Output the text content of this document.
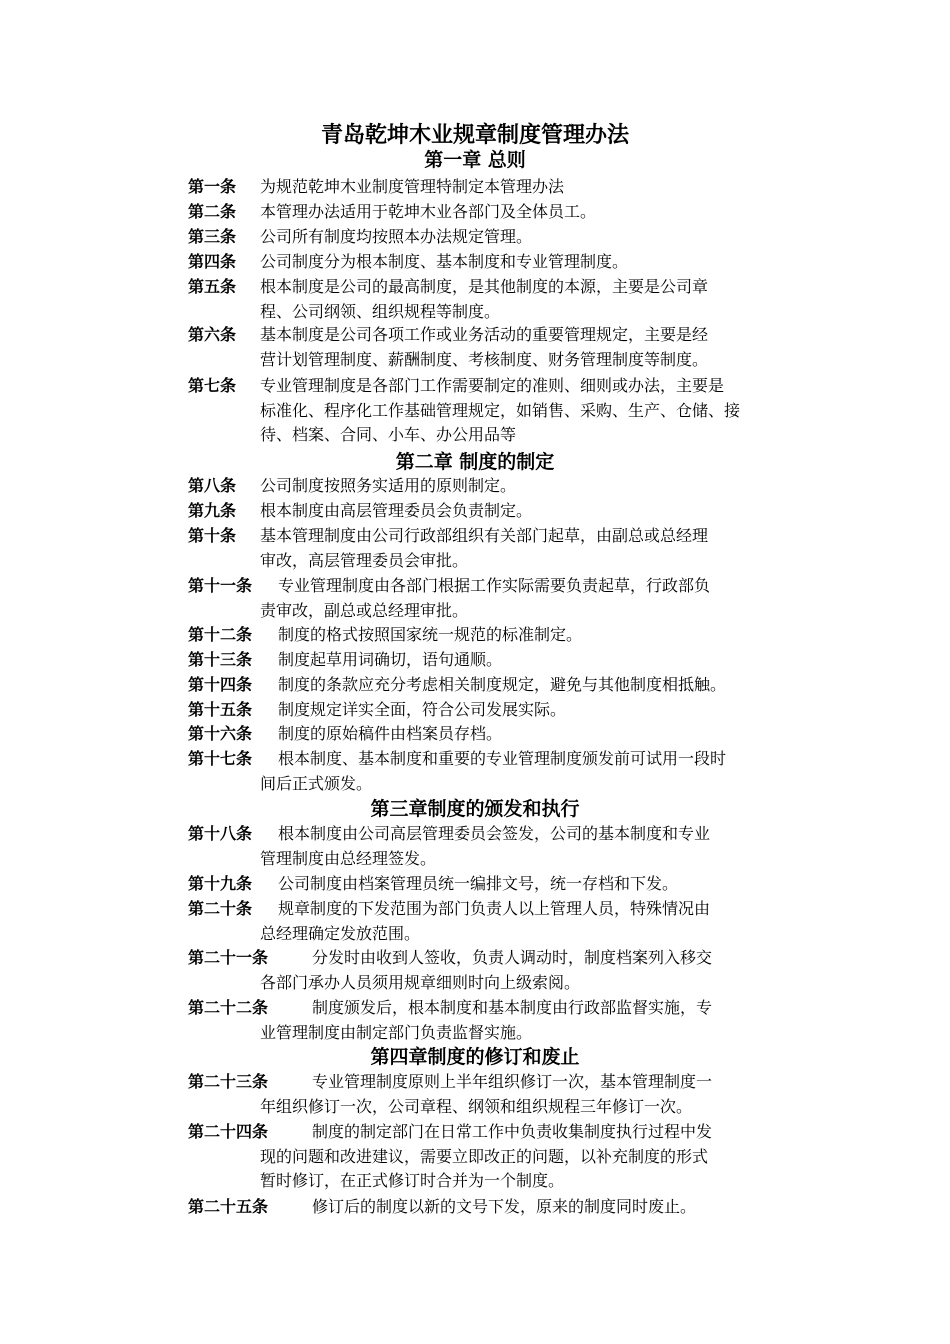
青岛乾坤木业规章制度管理办法
第一章 总则
第一条	为规范乾坤木业制度管理特制定本管理办法
第二条	本管理办法适用于乾坤木业各部门及全体员工。
第三条	公司所有制度均按照本办法规定管理。
第四条	公司制度分为根本制度、基本制度和专业管理制度。
第五条	根本制度是公司的最高制度，是其他制度的本源，主要是公司章
程、公司纲领、组织规程等制度。
第六条	基本制度是公司各项工作或业务活动的重要管理规定，主要是经
营计划管理制度、薪酬制度、考核制度、财务管理制度等制度。
第七条	专业管理制度是各部门工作需要制定的准则、细则或办法，主要是
标准化、程序化工作基础管理规定，如销售、采购、生产、仓储、接
待、档案、合同、小车、办公用品等
第二章 制度的制定
第八条	公司制度按照务实适用的原则制定。
第九条	根本制度由高层管理委员会负责制定。
第十条	基本管理制度由公司行政部组织有关部门起草，由副总或总经理
审改，高层管理委员会审批。
第十一条	专业管理制度由各部门根据工作实际需要负责起草，行政部负
责审改，副总或总经理审批。
第十二条	制度的格式按照国家统一规范的标准制定。
第十三条	制度起草用词确切，语句通顺。
第十四条	制度的条款应充分考虑相关制度规定，避免与其他制度相抵触。
第十五条	制度规定详实全面，符合公司发展实际。
第十六条	制度的原始稿件由档案员存档。
第十七条	根本制度、基本制度和重要的专业管理制度颁发前可试用一段时
间后正式颁发。
第三章制度的颁发和执行
第十八条	根本制度由公司高层管理委员会签发，公司的基本制度和专业
管理制度由总经理签发。
第十九条	公司制度由档案管理员统一编排文号，统一存档和下发。
第二十条	规章制度的下发范围为部门负责人以上管理人员，特殊情况由
总经理确定发放范围。
第二十一条	分发时由收到人签收，负责人调动时，制度档案列入移交
各部门承办人员须用规章细则时向上级索阅。
第二十二条	制度颁发后，根本制度和基本制度由行政部监督实施，专
业管理制度由制定部门负责监督实施。
第四章制度的修订和废止
第二十三条	专业管理制度原则上半年组织修订一次，基本管理制度一
年组织修订一次，公司章程、纲领和组织规程三年修订一次。
第二十四条	制度的制定部门在日常工作中负责收集制度执行过程中发
现的问题和改进建议，需要立即改正的问题，以补充制度的形式
暂时修订，在正式修订时合并为一个制度。
第二十五条	修订后的制度以新的文号下发，原来的制度同时废止。
